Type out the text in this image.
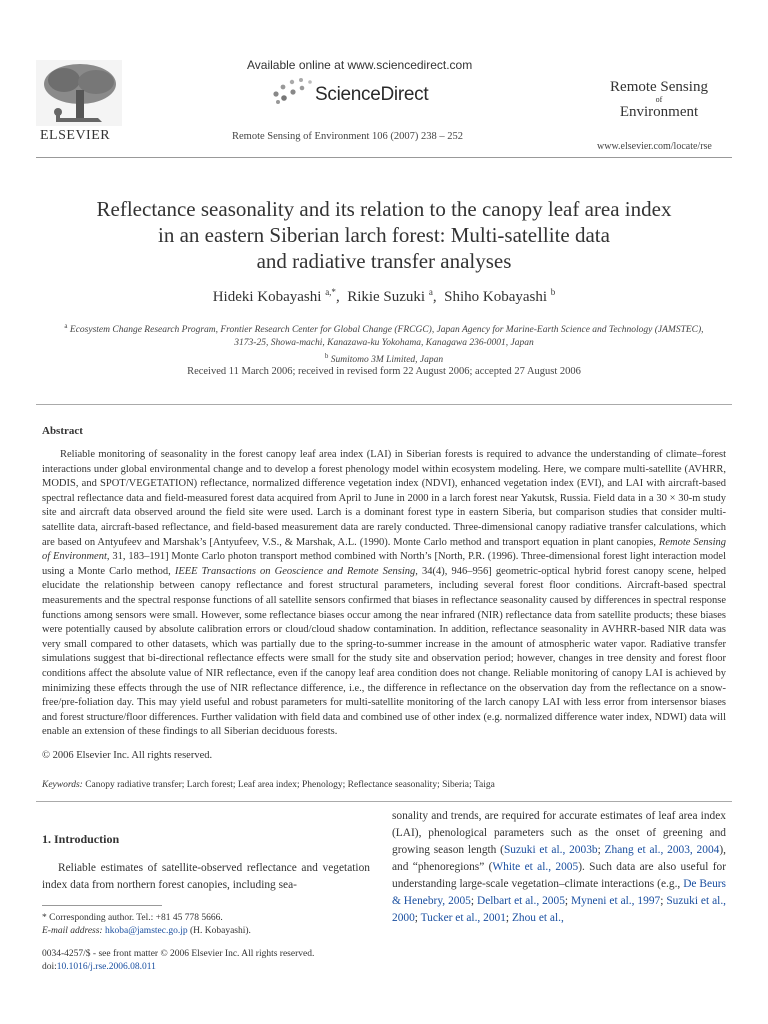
ELSEVIER
Available online at www.sciencedirect.com
ScienceDirect
Remote Sensing of Environment 106 (2007) 238 – 252
Remote Sensing
of
Environment
www.elsevier.com/locate/rse
Reflectance seasonality and its relation to the canopy leaf area index
in an eastern Siberian larch forest: Multi-satellite data
and radiative transfer analyses
Hideki Kobayashi $^{a,*}$,  Rikie Suzuki $^a$,  Shiho Kobayashi $^b$
$^a$ Ecosystem Change Research Program, Frontier Research Center for Global Change (FRCGC), Japan Agency for Marine-Earth Science and Technology (JAMSTEC),
3173-25, Showa-machi, Kanazawa-ku Yokohama, Kanagawa 236-0001, Japan
$^b$ Sumitomo 3M Limited, Japan
Received 11 March 2006; received in revised form 22 August 2006; accepted 27 August 2006
Abstract

Reliable monitoring of seasonality in the forest canopy leaf area index (LAI) in Siberian forests is required to advance the understanding of climate–forest interactions under global environmental change and to develop a forest phenology model within ecosystem modeling. Here, we compare multi-satellite (AVHRR, MODIS, and SPOT/VEGETATION) reflectance, normalized difference vegetation index (NDVI), enhanced vegetation index (EVI), and LAI with aircraft-based spectral reflectance data and field-measured forest data acquired from April to June in 2000 in a larch forest near Yakutsk, Russia. Field data in a 30 × 30-m study site and aircraft data observed around the field site were used. Larch is a dominant forest type in eastern Siberia, but comparison studies that consider multi-satellite data, aircraft-based reflectance, and field-based measurement data are rarely conducted. Three-dimensional canopy radiative transfer calculations, which are based on Antyufeev and Marshak’s [Antyufeev, V.S., & Marshak, A.L. (1990). Monte Carlo method and transport equation in plant canopies, Remote Sensing of Environment, 31, 183–191] Monte Carlo photon transport method combined with North’s [North, P.R. (1996). Three-dimensional forest light interaction model using a Monte Carlo method, IEEE Transactions on Geoscience and Remote Sensing, 34(4), 946–956] geometric-optical hybrid forest canopy scene, helped elucidate the relationship between canopy reflectance and forest structural parameters, including several forest floor conditions. Aircraft-based spectral measurements and the spectral response functions of all satellite sensors confirmed that biases in reflectance seasonality caused by differences in spectral response functions among sensors were small. However, some reflectance biases occur among the near infrared (NIR) reflectance data from satellite products; these biases were potentially caused by absolute calibration errors or cloud/cloud shadow contamination. In addition, reflectance seasonality in AVHRR-based NIR data was very small compared to other datasets, which was partially due to the spring-to-summer increase in the amount of atmospheric water vapor. Radiative transfer simulations suggest that bi-directional reflectance effects were small for the study site and observation period; however, changes in tree density and forest floor conditions affect the absolute value of NIR reflectance, even if the canopy leaf area condition does not change. Reliable monitoring of canopy LAI is achieved by minimizing these effects through the use of NIR reflectance difference, i.e., the difference in reflectance on the observation day from the reflectance on a snow-free/pre-foliation day. This may yield useful and robust parameters for multi-satellite monitoring of the larch canopy LAI with less error from intersensor biases and forest structure/floor differences. Further validation with field data and combined use of other index (e.g. normalized difference water index, NDWI) data will enable an extension of these findings to all Siberian deciduous forests.

© 2006 Elsevier Inc. All rights reserved.
Keywords: Canopy radiative transfer; Larch forest; Leaf area index; Phenology; Reflectance seasonality; Siberia; Taiga
1. Introduction

Reliable estimates of satellite-observed reflectance and vegetation index data from northern forest canopies, including sea-

sonality and trends, are required for accurate estimates of leaf area index (LAI), phenological parameters such as the onset of greening and growing season length (Suzuki et al., 2003b; Zhang et al., 2003, 2004), and “phenoregions” (White et al., 2005). Such data are also useful for understanding large-scale vegetation–climate interactions (e.g., De Beurs & Henebry, 2005; Delbart et al., 2005; Myneni et al., 1997; Suzuki et al., 2000; Tucker et al., 2001; Zhou et al.,

* Corresponding author. Tel.: +81 45 778 5666.
E-mail address: hkoba@jamstec.go.jp (H. Kobayashi).
0034-4257/$ - see front matter © 2006 Elsevier Inc. All rights reserved.
doi:10.1016/j.rse.2006.08.011
